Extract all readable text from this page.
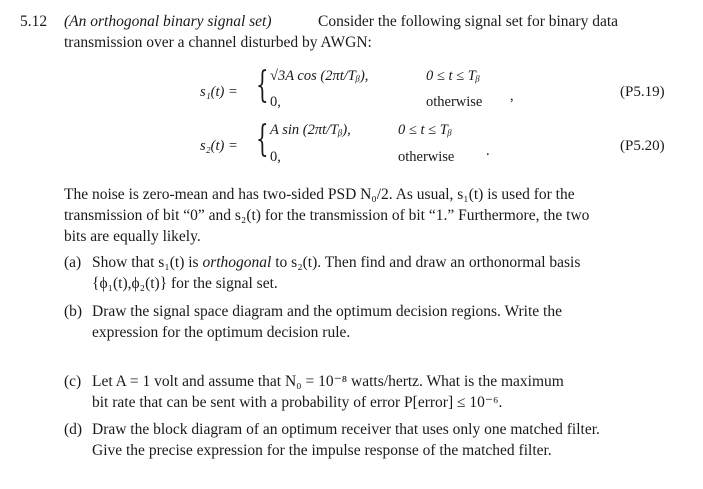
5.12 (An orthogonal binary signal set)	Consider the following signal set for binary data
transmission over a channel disturbed by AWGN:
s₁(t) = { √3A cos (2πt/Tᵦ),	0 ≤ t ≤ Tᵦ
0,	otherwise ,	(P5.19)
s₂(t) = { A sin (2πt/Tᵦ),	0 ≤ t ≤ Tᵦ
0,	otherwise .	(P5.20)
The noise is zero-mean and has two-sided PSD N₀/2. As usual, s₁(t) is used for the
transmission of bit “0” and s₂(t) for the transmission of bit “1.” Furthermore, the two
bits are equally likely.
(a) Show that s₁(t) is orthogonal to s₂(t). Then find and draw an orthonormal basis
{ϕ₁(t),ϕ₂(t)} for the signal set.
(b) Draw the signal space diagram and the optimum decision regions. Write the
expression for the optimum decision rule.
(c) Let A = 1 volt and assume that N₀ = 10⁻⁸ watts/hertz. What is the maximum
bit rate that can be sent with a probability of error P[error] ≤ 10⁻⁶.
(d) Draw the block diagram of an optimum receiver that uses only one matched filter.
Give the precise expression for the impulse response of the matched filter.
